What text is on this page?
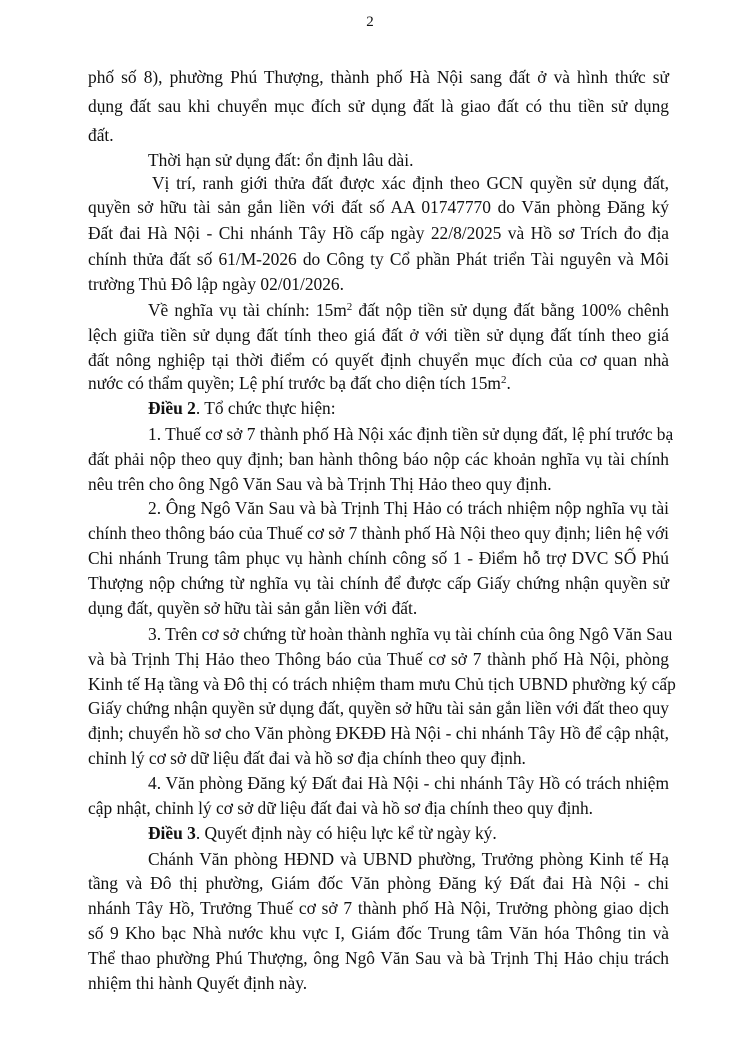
2
phố số 8), phường Phú Thượng, thành phố Hà Nội sang đất ở và hình thức sử
dụng đất sau khi chuyển mục đích sử dụng đất là giao đất có thu tiền sử dụng
đất.
Thời hạn sử dụng đất: ổn định lâu dài.
Vị trí, ranh giới thửa đất được xác định theo GCN quyền sử dụng đất,
quyền sở hữu tài sản gắn liền với đất số AA 01747770 do Văn phòng Đăng ký
Đất đai Hà Nội - Chi nhánh Tây Hồ cấp ngày 22/8/2025 và Hồ sơ Trích đo địa
chính thửa đất số 61/M-2026 do Công ty Cổ phần Phát triển Tài nguyên và Môi
trường Thủ Đô lập ngày 02/01/2026.
Về nghĩa vụ tài chính: $15m^2$ đất nộp tiền sử dụng đất bằng 100% chênh
lệch giữa tiền sử dụng đất tính theo giá đất ở với tiền sử dụng đất tính theo giá
đất nông nghiệp tại thời điểm có quyết định chuyển mục đích của cơ quan nhà
nước có thẩm quyền; Lệ phí trước bạ đất cho diện tích $15m^2$.
Điều 2. Tổ chức thực hiện:
1. Thuế cơ sở 7 thành phố Hà Nội xác định tiền sử dụng đất, lệ phí trước bạ
đất phải nộp theo quy định; ban hành thông báo nộp các khoản nghĩa vụ tài chính
nêu trên cho ông Ngô Văn Sau và bà Trịnh Thị Hảo theo quy định.
2. Ông Ngô Văn Sau và bà Trịnh Thị Hảo có trách nhiệm nộp nghĩa vụ tài
chính theo thông báo của Thuế cơ sở 7 thành phố Hà Nội theo quy định; liên hệ với
Chi nhánh Trung tâm phục vụ hành chính công số 1 - Điểm hỗ trợ DVC SỐ Phú
Thượng nộp chứng từ nghĩa vụ tài chính để được cấp Giấy chứng nhận quyền sử
dụng đất, quyền sở hữu tài sản gắn liền với đất.
3. Trên cơ sở chứng từ hoàn thành nghĩa vụ tài chính của ông Ngô Văn Sau
và bà Trịnh Thị Hảo theo Thông báo của Thuế cơ sở 7 thành phố Hà Nội, phòng
Kinh tế Hạ tầng và Đô thị có trách nhiệm tham mưu Chủ tịch UBND phường ký cấp
Giấy chứng nhận quyền sử dụng đất, quyền sở hữu tài sản gắn liền với đất theo quy
định; chuyển hồ sơ cho Văn phòng ĐKĐĐ Hà Nội - chi nhánh Tây Hồ để cập nhật,
chỉnh lý cơ sở dữ liệu đất đai và hồ sơ địa chính theo quy định.
4. Văn phòng Đăng ký Đất đai Hà Nội - chi nhánh Tây Hồ có trách nhiệm
cập nhật, chỉnh lý cơ sở dữ liệu đất đai và hồ sơ địa chính theo quy định.
Điều 3. Quyết định này có hiệu lực kể từ ngày ký.
Chánh Văn phòng HĐND và UBND phường, Trưởng phòng Kinh tế Hạ
tầng và Đô thị phường, Giám đốc Văn phòng Đăng ký Đất đai Hà Nội - chi
nhánh Tây Hồ, Trưởng Thuế cơ sở 7 thành phố Hà Nội, Trưởng phòng giao dịch
số 9 Kho bạc Nhà nước khu vực I, Giám đốc Trung tâm Văn hóa Thông tin và
Thể thao phường Phú Thượng, ông Ngô Văn Sau và bà Trịnh Thị Hảo chịu trách
nhiệm thi hành Quyết định này.
